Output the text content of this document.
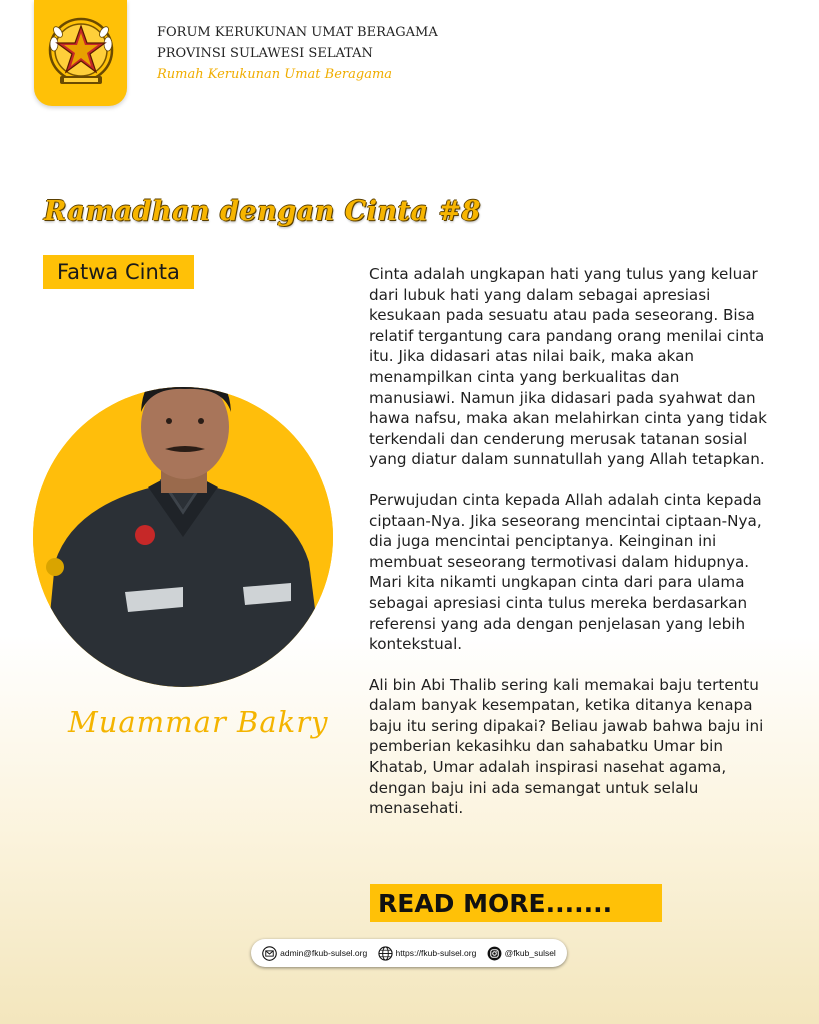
FORUM KERUKUNAN UMAT BERAGAMA
PROVINSI SULAWESI SELATAN
Rumah Kerukunan Umat Beragama
Ramadhan dengan Cinta #8
Fatwa Cinta
Muammar Bakry

Cinta adalah ungkapan hati yang tulus yang keluar dari lubuk hati yang dalam sebagai apresiasi kesukaan pada sesuatu atau pada seseorang. Bisa relatif tergantung cara pandang orang menilai cinta itu. Jika didasari atas nilai baik, maka akan menampilkan cinta yang berkualitas dan manusiawi. Namun jika didasari pada syahwat dan hawa nafsu, maka akan melahirkan cinta yang tidak terkendali dan cenderung merusak tatanan sosial yang diatur dalam sunnatullah yang Allah tetapkan.

Perwujudan cinta kepada Allah adalah cinta kepada ciptaan-Nya. Jika seseorang mencintai ciptaan-Nya, dia juga mencintai penciptanya. Keinginan ini membuat seseorang termotivasi dalam hidupnya. Mari kita nikamti ungkapan cinta dari para ulama sebagai apresiasi cinta tulus mereka berdasarkan referensi yang ada dengan penjelasan yang lebih kontekstual.

Ali bin Abi Thalib sering kali memakai baju tertentu dalam banyak kesempatan, ketika ditanya kenapa baju itu sering dipakai? Beliau jawab bahwa baju ini pemberian kekasihku dan sahabatku Umar bin Khatab, Umar adalah inspirasi nasehat agama, dengan baju ini ada semangat untuk selalu menasehati.

READ MORE.......
admin@fkub-sulsel.org	https://fkub-sulsel.org	@fkub_sulsel
